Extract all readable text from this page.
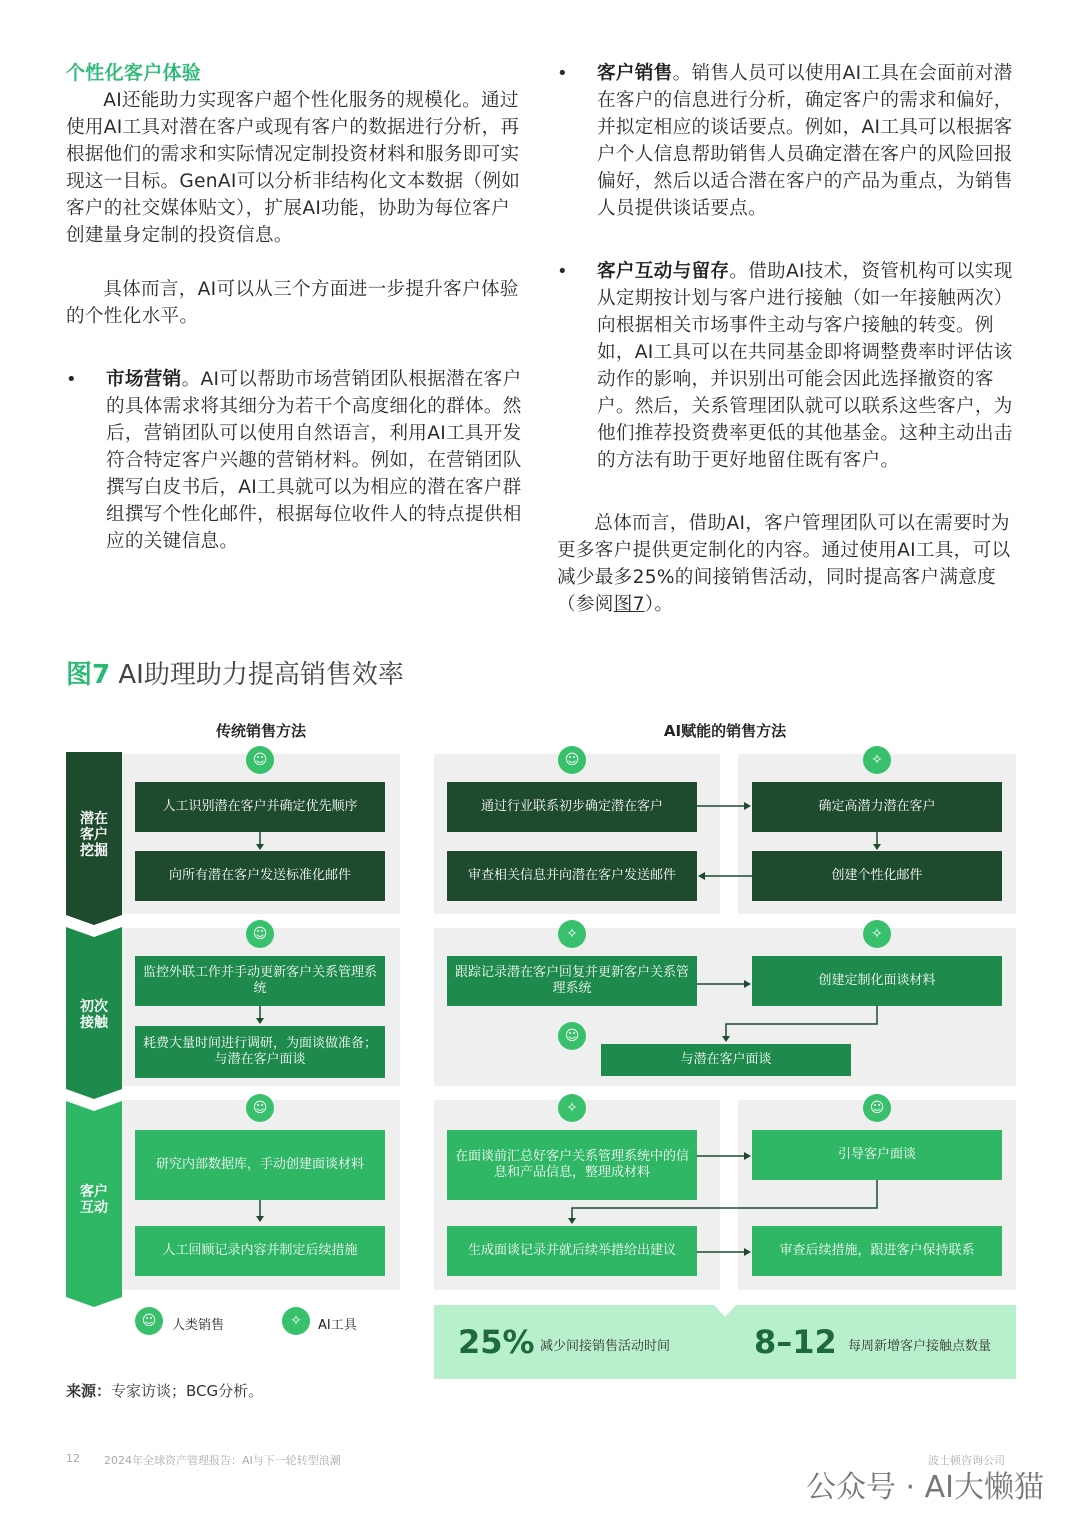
个性化客户体验

AI还能助力实现客户超个性化服务的规模化。通过使用AI工具对潜在客户或现有客户的数据进行分析，再根据他们的需求和实际情况定制投资材料和服务即可实现这一目标。GenAI可以分析非结构化文本数据（例如客户的社交媒体贴文），扩展AI功能，协助为每位客户创建量身定制的投资信息。

具体而言，AI可以从三个方面进一步提升客户体验的个性化水平。

•	市场营销。AI可以帮助市场营销团队根据潜在客户的具体需求将其细分为若干个高度细化的群体。然后，营销团队可以使用自然语言，利用AI工具开发符合特定客户兴趣的营销材料。例如，在营销团队撰写白皮书后，AI工具就可以为相应的潜在客户群组撰写个性化邮件，根据每位收件人的特点提供相应的关键信息。
•	客户销售。销售人员可以使用AI工具在会面前对潜在客户的信息进行分析，确定客户的需求和偏好，并拟定相应的谈话要点。例如，AI工具可以根据客户个人信息帮助销售人员确定潜在客户的风险回报偏好，然后以适合潜在客户的产品为重点，为销售人员提供谈话要点。
•	客户互动与留存。借助AI技术，资管机构可以实现从定期按计划与客户进行接触（如一年接触两次）向根据相关市场事件主动与客户接触的转变。例如，AI工具可以在共同基金即将调整费率时评估该动作的影响，并识别出可能会因此选择撤资的客户。然后，关系管理团队就可以联系这些客户，为他们推荐投资费率更低的其他基金。这种主动出击的方法有助于更好地留住既有客户。

总体而言，借助AI，客户管理团队可以在需要时为更多客户提供更定制化的内容。通过使用AI工具，可以减少最多25%的间接销售活动，同时提高客户满意度（参阅图7）。

图7 AI助理助力提高销售效率
传统销售方法	AI赋能的销售方法
潜在客户挖掘
初次接触
客户互动
☺	☺	✧
☺	✧	✧
☺
☺	✧	☺
人工识别潜在客户并确定优先顺序
向所有潜在客户发送标准化邮件
通过行业联系初步确定潜在客户	确定高潜力潜在客户
审查相关信息并向潜在客户发送邮件	创建个性化邮件
监控外联工作并手动更新客户关系管理系统
耗费大量时间进行调研，为面谈做准备；与潜在客户面谈
跟踪记录潜在客户回复并更新客户关系管理系统
创建定制化面谈材料
与潜在客户面谈
研究内部数据库，手动创建面谈材料
人工回顾记录内容并制定后续措施
在面谈前汇总好客户关系管理系统中的信息和产品信息，整理成材料
引导客户面谈
生成面谈记录并就后续举措给出建议	审查后续措施，跟进客户保持联系
☺	人类销售	✧	AI工具	25% 减少间接销售活动时间	8–12 每周新增客户接触点数量
来源：专家访谈；BCG分析。
12 2024年全球资产管理报告：AI与下一轮转型浪潮	波士顿咨询公司
公众号 · AI大懒猫
